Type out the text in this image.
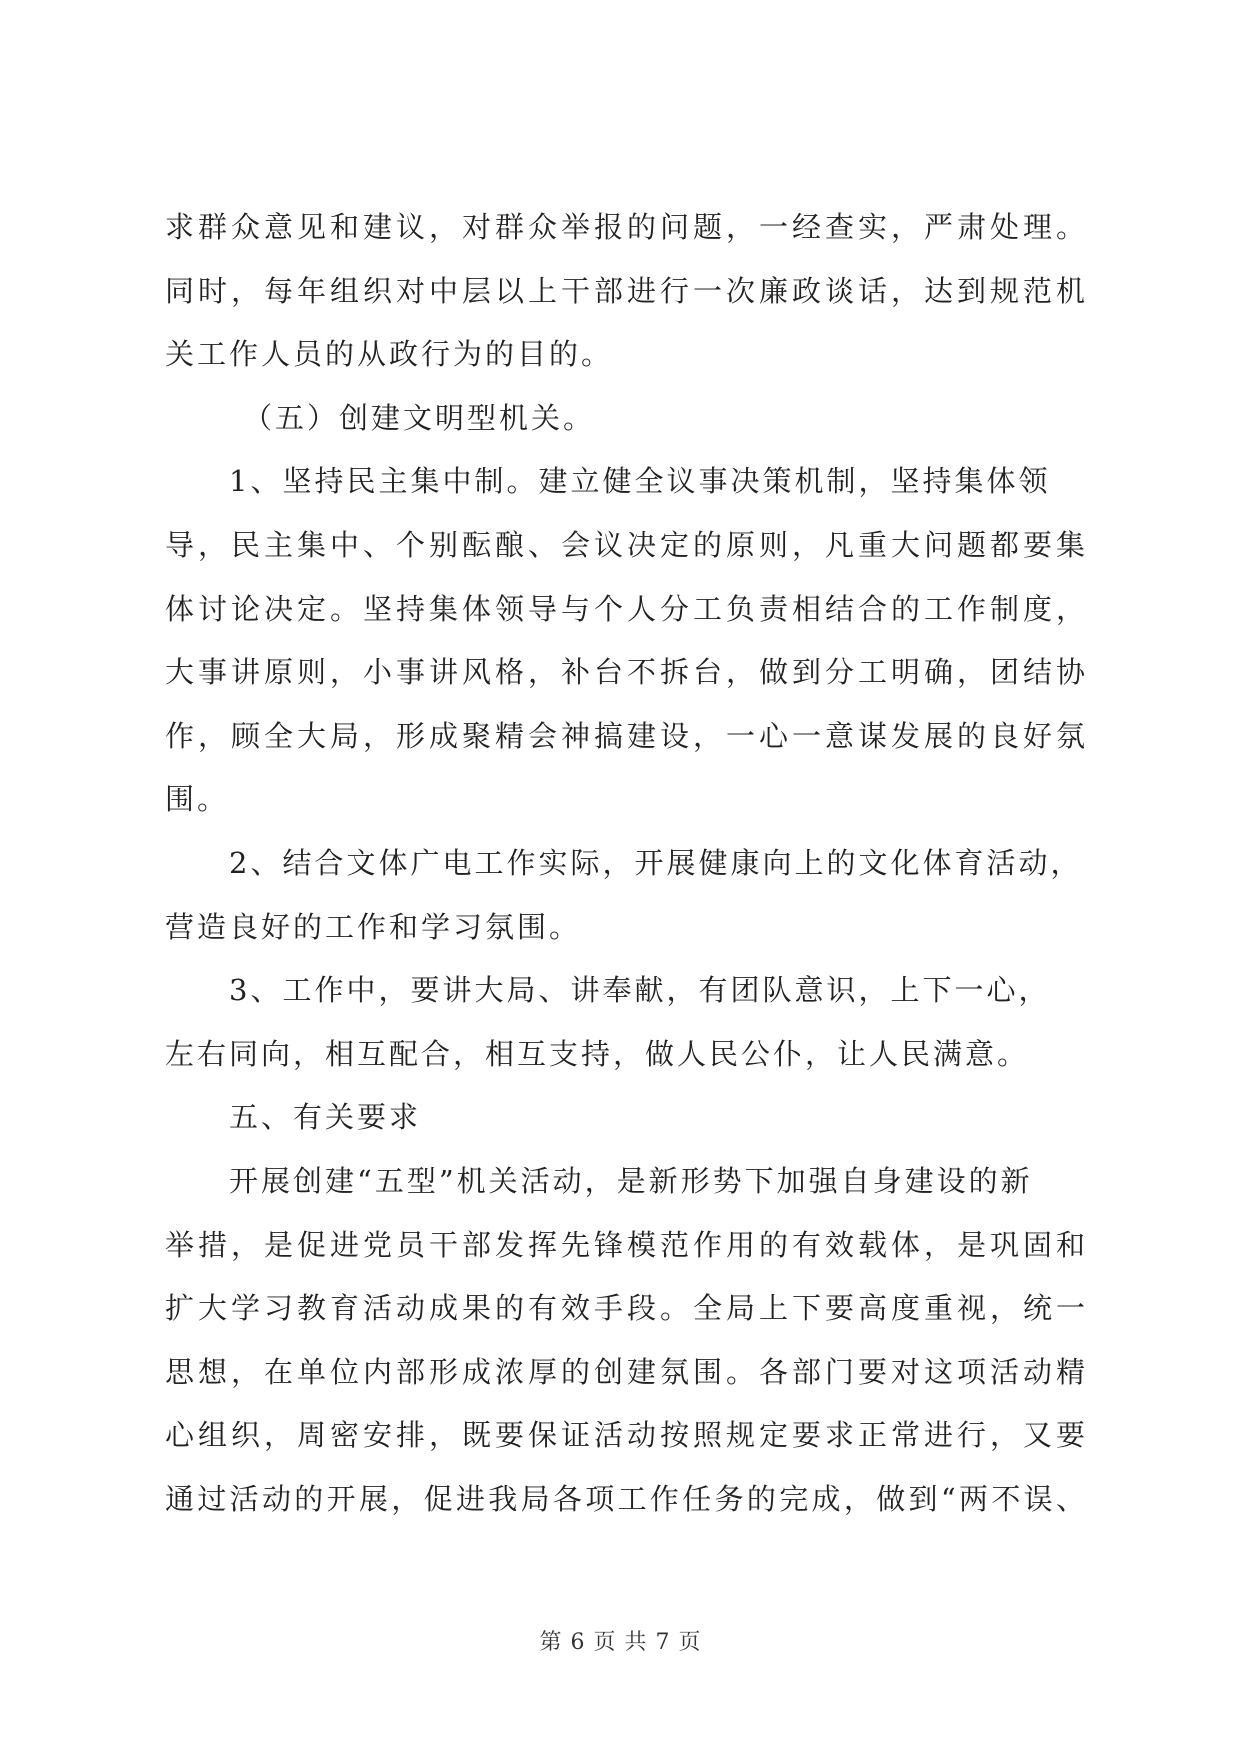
求群众意见和建议，对群众举报的问题，一经查实，严肃处理。
同时，每年组织对中层以上干部进行一次廉政谈话，达到规范机
关工作人员的从政行为的目的。
（五）创建文明型机关。
1、坚持民主集中制。建立健全议事决策机制，坚持集体领
导，民主集中、个别酝酿、会议决定的原则，凡重大问题都要集
体讨论决定。坚持集体领导与个人分工负责相结合的工作制度，
大事讲原则，小事讲风格，补台不拆台，做到分工明确，团结协
作，顾全大局，形成聚精会神搞建设，一心一意谋发展的良好氛
围。
2、结合文体广电工作实际，开展健康向上的文化体育活动，
营造良好的工作和学习氛围。
3、工作中，要讲大局、讲奉献，有团队意识，上下一心，
左右同向，相互配合，相互支持，做人民公仆，让人民满意。
五、有关要求
开展创建“五型”机关活动，是新形势下加强自身建设的新
举措，是促进党员干部发挥先锋模范作用的有效载体，是巩固和
扩大学习教育活动成果的有效手段。全局上下要高度重视，统一
思想，在单位内部形成浓厚的创建氛围。各部门要对这项活动精
心组织，周密安排，既要保证活动按照规定要求正常进行，又要
通过活动的开展，促进我局各项工作任务的完成，做到“两不误、
第 6 页 共 7 页
